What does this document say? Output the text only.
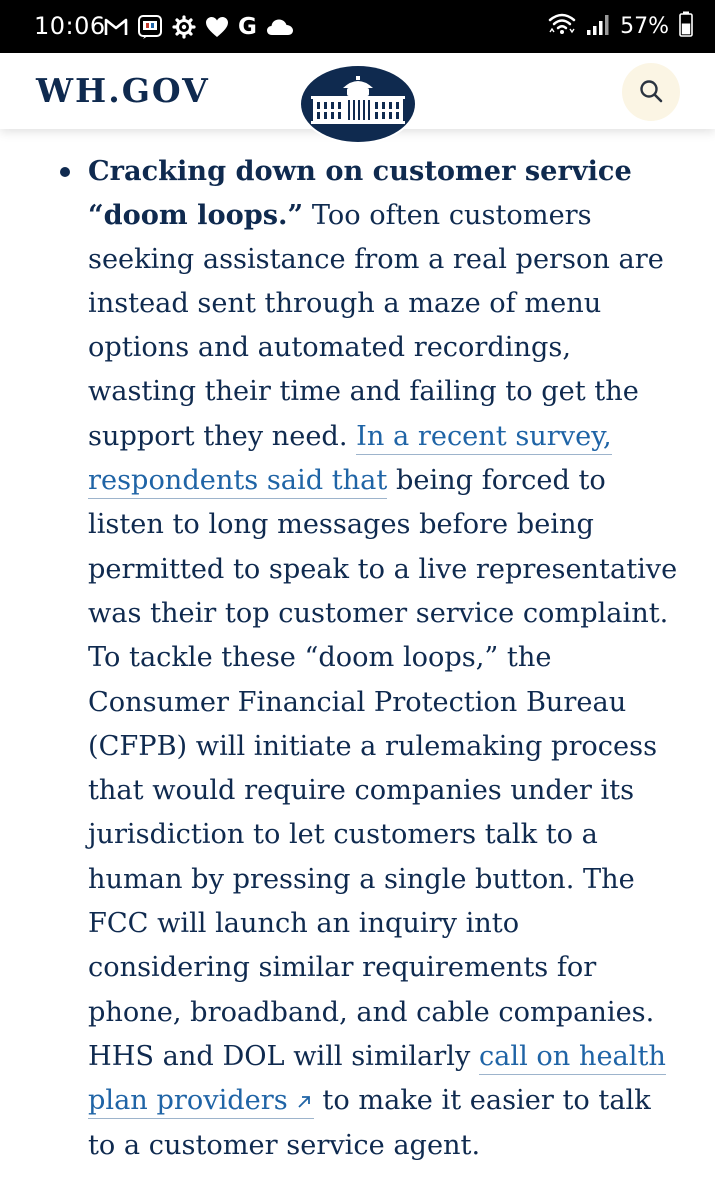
10:06	G	57%
WH.GOV
Cracking down on customer service
“doom loops.” Too often customers
seeking assistance from a real person are
instead sent through a maze of menu
options and automated recordings,
wasting their time and failing to get the
support they need. In a recent survey,
respondents said that being forced to
listen to long messages before being
permitted to speak to a live representative
was their top customer service complaint.
To tackle these “doom loops,” the
Consumer Financial Protection Bureau
(CFPB) will initiate a rulemaking process
that would require companies under its
jurisdiction to let customers talk to a
human by pressing a single button. The
FCC will launch an inquiry into
considering similar requirements for
phone, broadband, and cable companies.
HHS and DOL will similarly call on health
plan providers to make it easier to talk
to a customer service agent.
